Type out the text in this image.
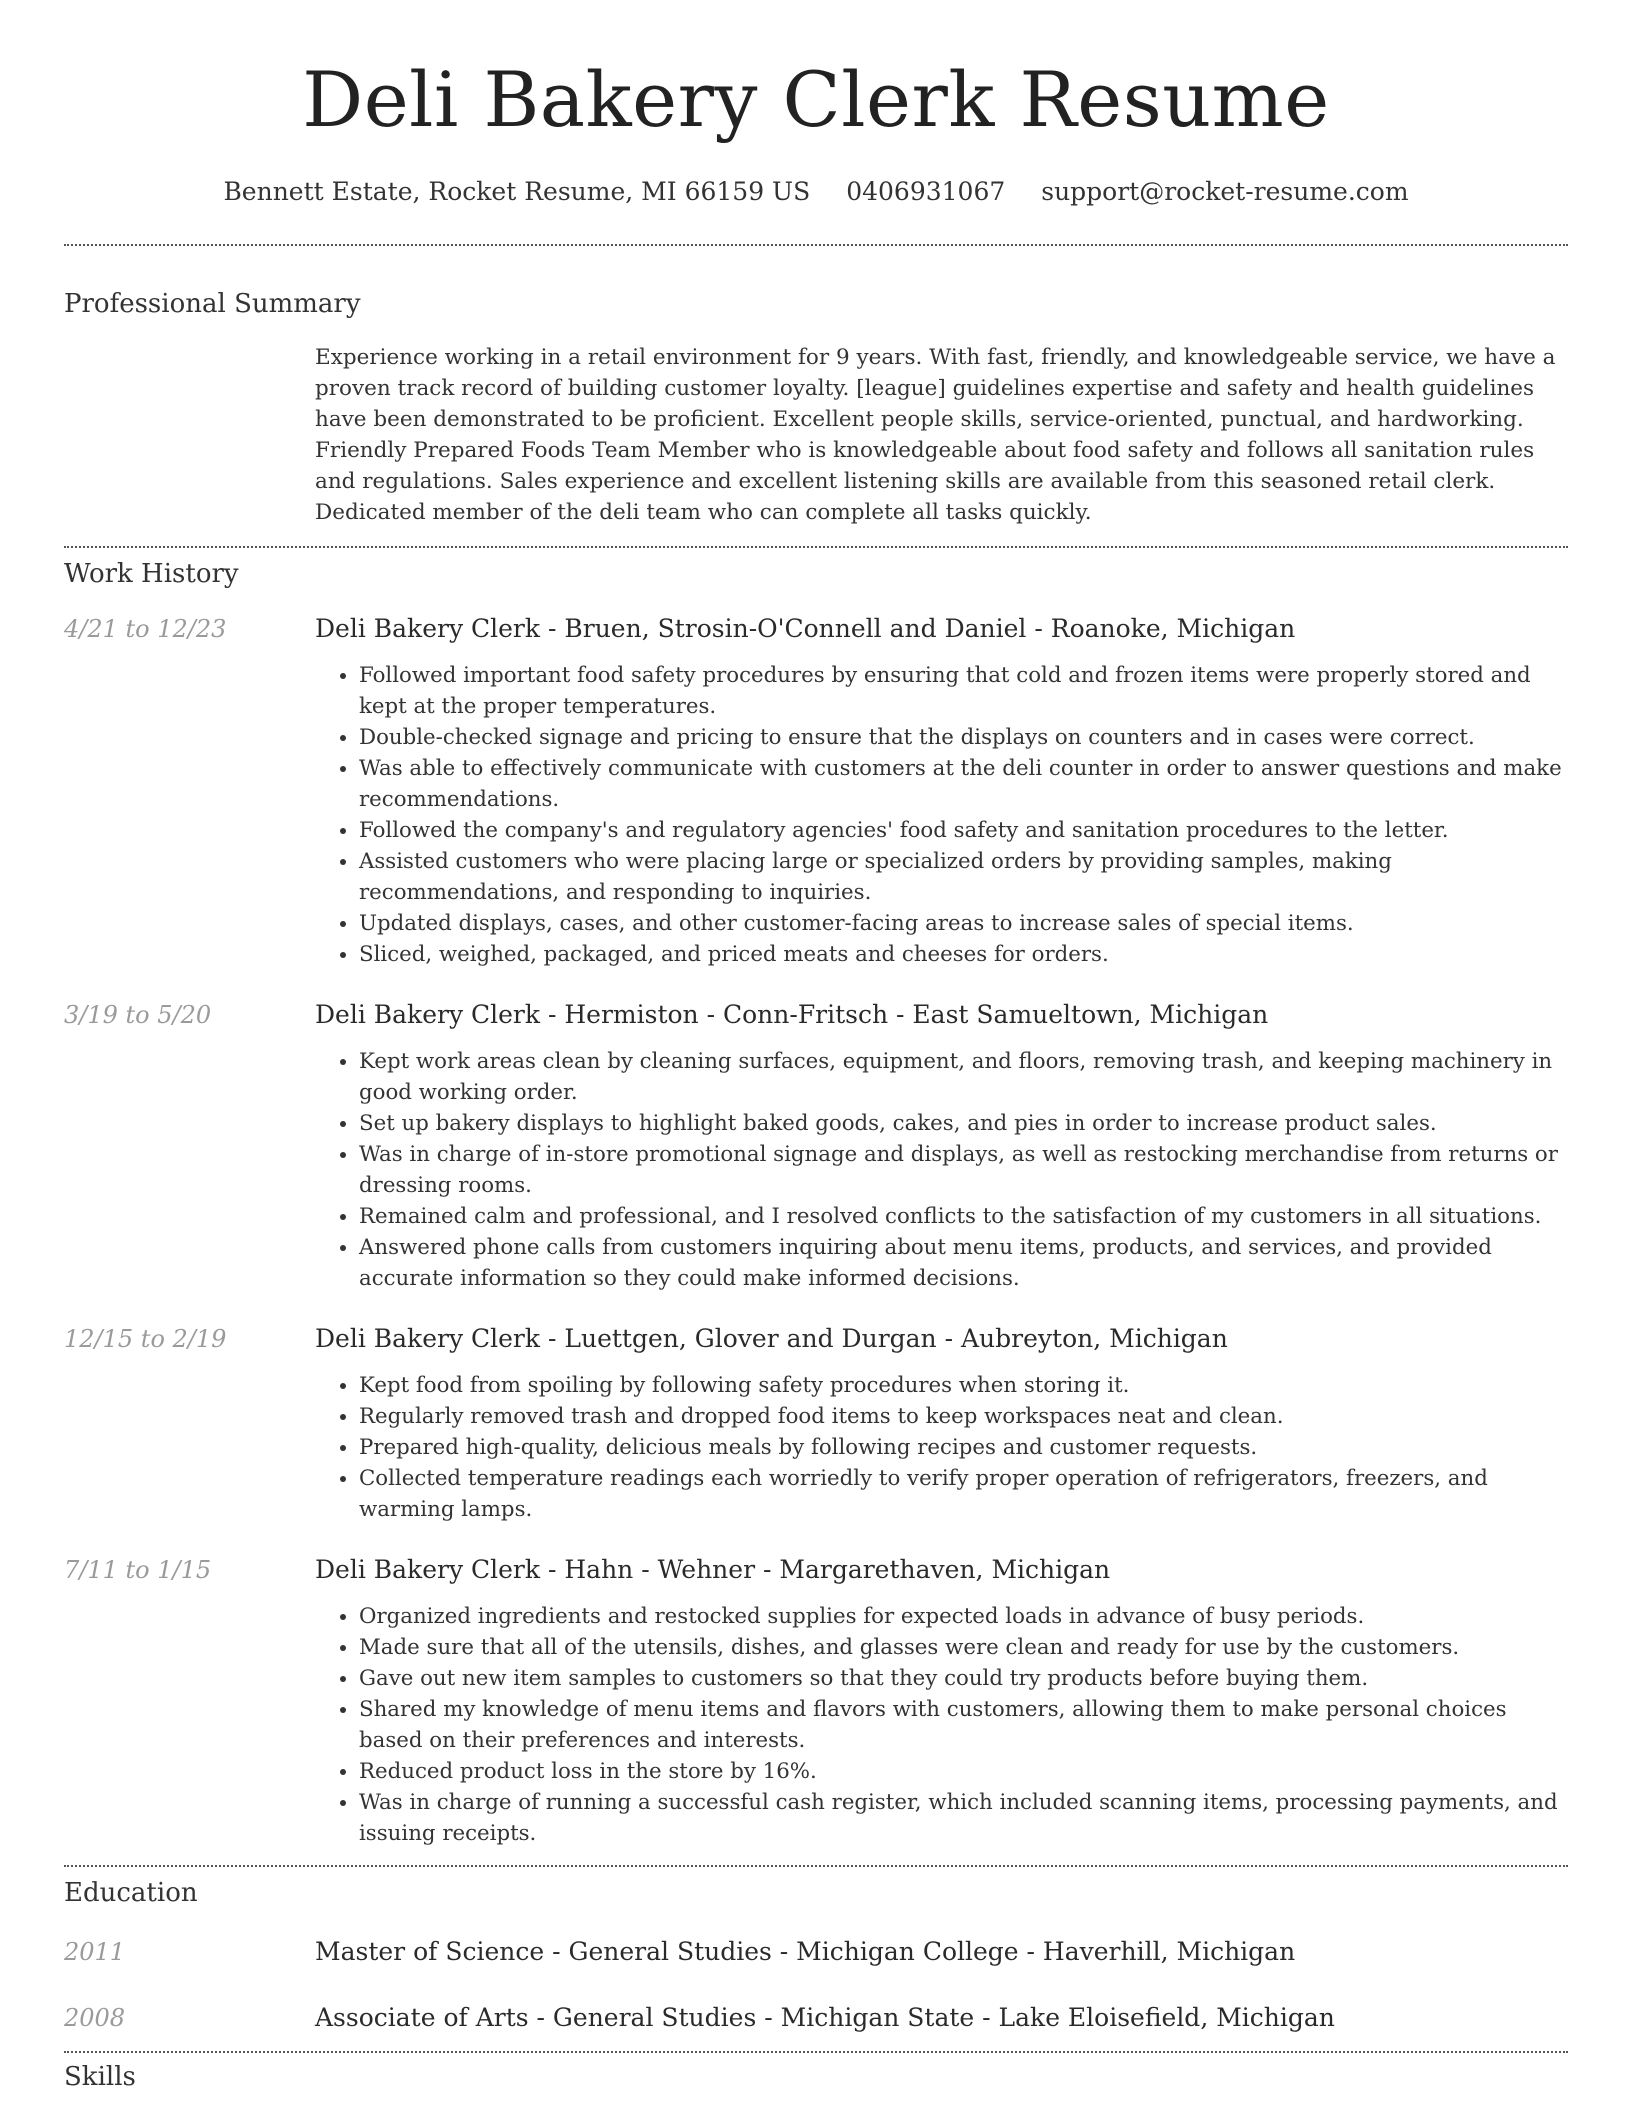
Deli Bakery Clerk Resume
Bennett Estate, Rocket Resume, MI 66159 US 0406931067 support@rocket-resume.com
Professional Summary

Experience working in a retail environment for 9 years. With fast, friendly, and knowledgeable service, we have a proven track record of building customer loyalty. [league] guidelines expertise and safety and health guidelines have been demonstrated to be proficient. Excellent people skills, service-oriented, punctual, and hardworking. Friendly Prepared Foods Team Member who is knowledgeable about food safety and follows all sanitation rules and regulations. Sales experience and excellent listening skills are available from this seasoned retail clerk. Dedicated member of the deli team who can complete all tasks quickly.

Work History
4/21 to 12/23	Deli Bakery Clerk - Bruen, Strosin-O'Connell and Daniel - Roanoke, Michigan
• Followed important food safety procedures by ensuring that cold and frozen items were properly stored and kept at the proper temperatures.
• Double-checked signage and pricing to ensure that the displays on counters and in cases were correct.
• Was able to effectively communicate with customers at the deli counter in order to answer questions and make recommendations.
• Followed the company's and regulatory agencies' food safety and sanitation procedures to the letter.
• Assisted customers who were placing large or specialized orders by providing samples, making recommendations, and responding to inquiries.
• Updated displays, cases, and other customer-facing areas to increase sales of special items.
• Sliced, weighed, packaged, and priced meats and cheeses for orders.
3/19 to 5/20	Deli Bakery Clerk - Hermiston - Conn-Fritsch - East Samueltown, Michigan
• Kept work areas clean by cleaning surfaces, equipment, and floors, removing trash, and keeping machinery in good working order.
• Set up bakery displays to highlight baked goods, cakes, and pies in order to increase product sales.
• Was in charge of in-store promotional signage and displays, as well as restocking merchandise from returns or dressing rooms.
• Remained calm and professional, and I resolved conflicts to the satisfaction of my customers in all situations.
• Answered phone calls from customers inquiring about menu items, products, and services, and provided accurate information so they could make informed decisions.
12/15 to 2/19	Deli Bakery Clerk - Luettgen, Glover and Durgan - Aubreyton, Michigan
• Kept food from spoiling by following safety procedures when storing it.
• Regularly removed trash and dropped food items to keep workspaces neat and clean.
• Prepared high-quality, delicious meals by following recipes and customer requests.
• Collected temperature readings each worriedly to verify proper operation of refrigerators, freezers, and warming lamps.
7/11 to 1/15	Deli Bakery Clerk - Hahn - Wehner - Margarethaven, Michigan
• Organized ingredients and restocked supplies for expected loads in advance of busy periods.
• Made sure that all of the utensils, dishes, and glasses were clean and ready for use by the customers.
• Gave out new item samples to customers so that they could try products before buying them.
• Shared my knowledge of menu items and flavors with customers, allowing them to make personal choices based on their preferences and interests.
• Reduced product loss in the store by 16%.
• Was in charge of running a successful cash register, which included scanning items, processing payments, and issuing receipts.
Education
2011	Master of Science - General Studies - Michigan College - Haverhill, Michigan
2008	Associate of Arts - General Studies - Michigan State - Lake Eloisefield, Michigan
Skills
